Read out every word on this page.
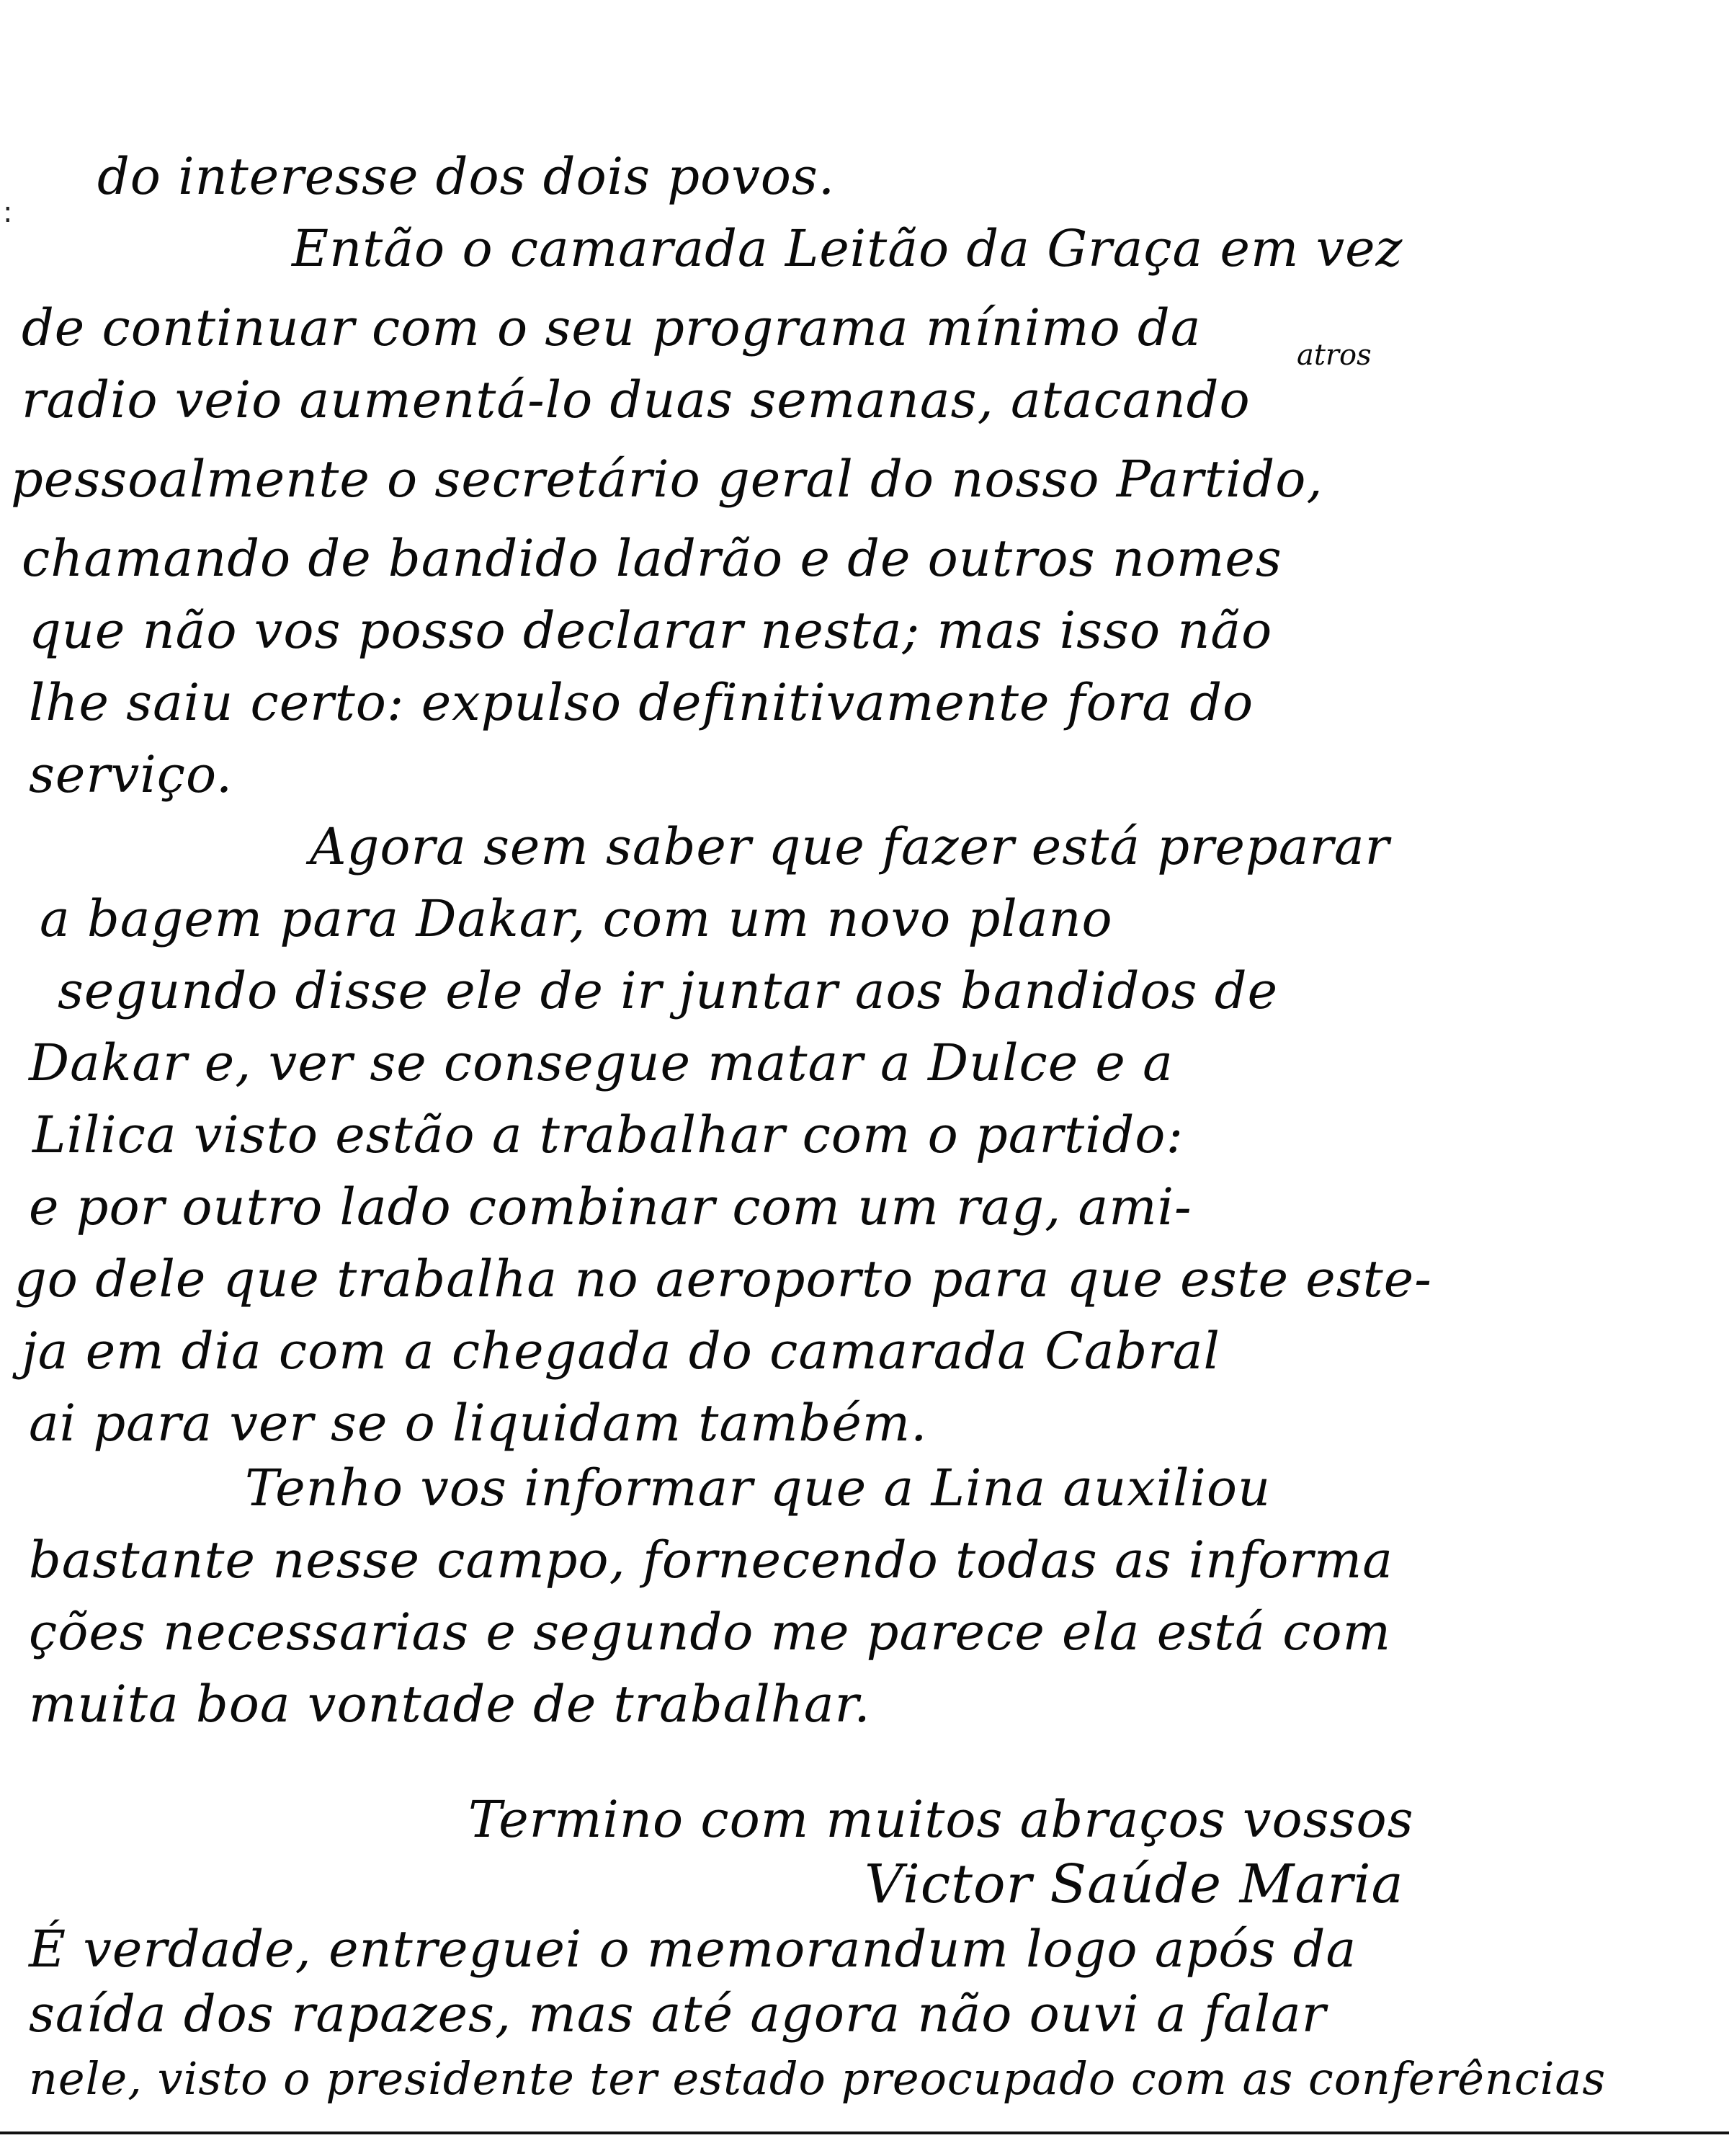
:
do interesse dos dois povos.
Então o camarada Leitão da Graça em vez
de continuar com o seu programa mínimo da	atros
radio veio aumentá-lo duas semanas, atacando
pessoalmente o secretário geral do nosso Partido,
chamando de bandido ladrão e de outros nomes
que não vos posso declarar nesta; mas isso não
lhe saiu certo: expulso definitivamente fora do
serviço.
Agora sem saber que fazer está preparar
a bagem para Dakar, com um novo plano
segundo disse ele de ir juntar aos bandidos de
Dakar e, ver se consegue matar a Dulce e a
Lilica visto estão a trabalhar com o partido:
e por outro lado combinar com um rag, ami-
go dele que trabalha no aeroporto para que este este-
ja em dia com a chegada do camarada Cabral
ai para ver se o liquidam também.
Tenho vos informar que a Lina auxiliou
bastante nesse campo, fornecendo todas as informa
ções necessarias e segundo me parece ela está com
muita boa vontade de trabalhar.
Termino com muitos abraços vossos
Victor Saúde Maria
É verdade, entreguei o memorandum logo após da
saída dos rapazes, mas até agora não ouvi a falar
nele, visto o presidente ter estado preocupado com as conferências
